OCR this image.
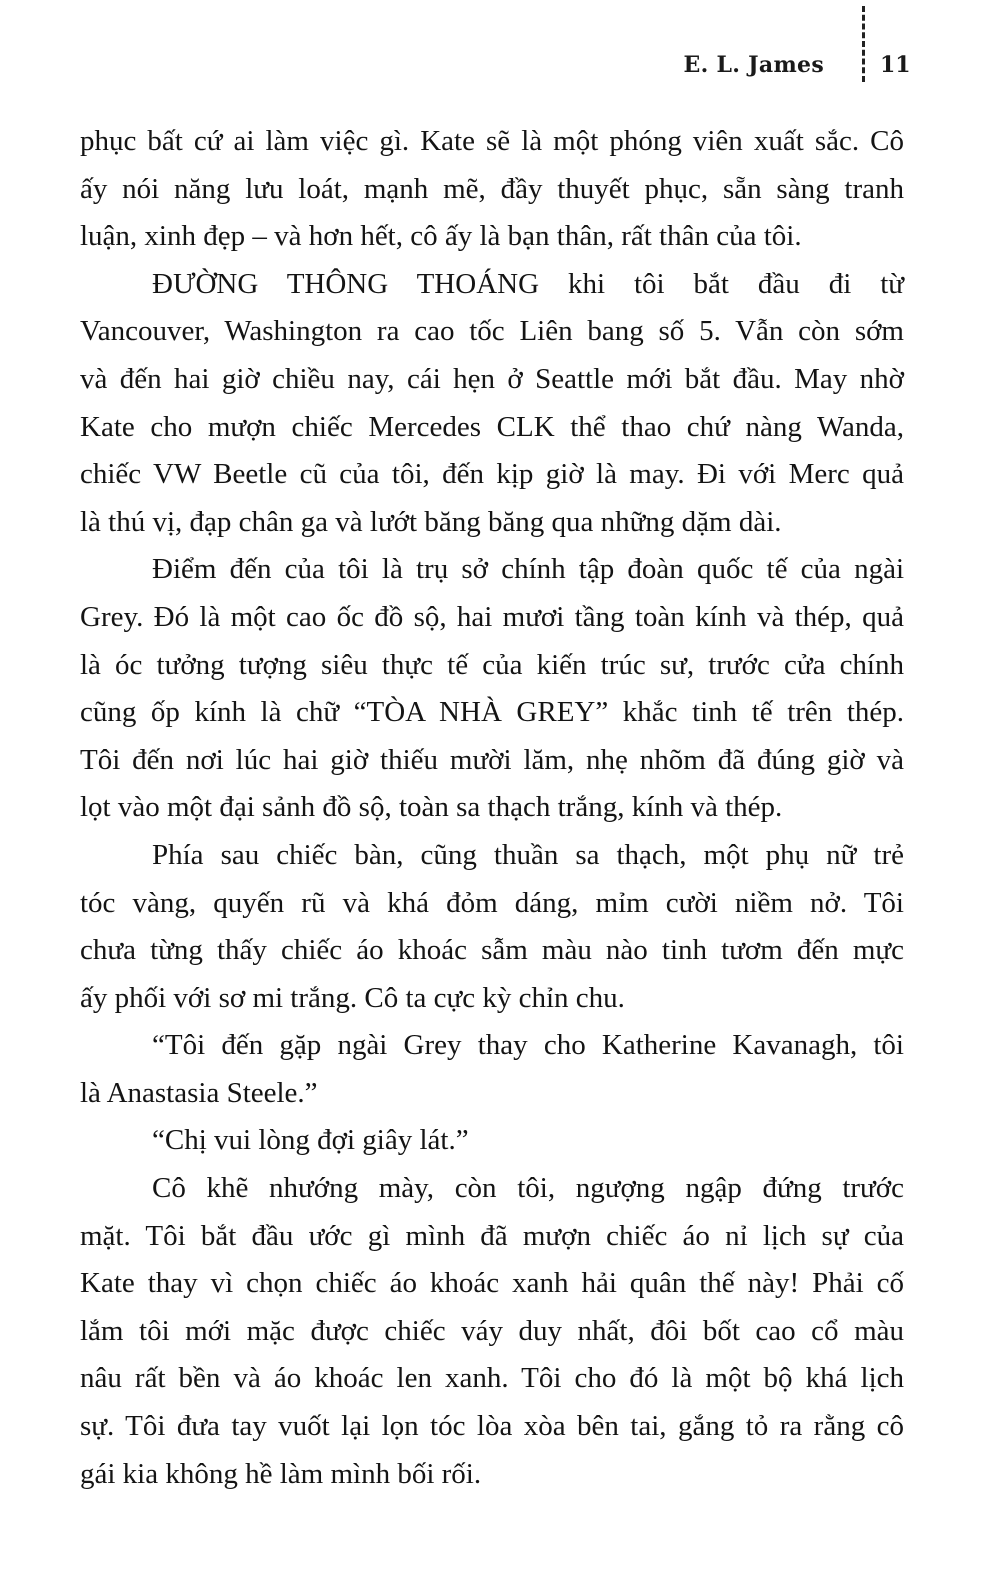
E. L. James	11
phục bất cứ ai làm việc gì. Kate sẽ là một phóng viên xuất sắc. Cô
ấy nói năng lưu loát, mạnh mẽ, đầy thuyết phục, sẵn sàng tranh
luận, xinh đẹp – và hơn hết, cô ấy là bạn thân, rất thân của tôi.
ĐƯỜNG THÔNG THOÁNG khi tôi bắt đầu đi từ
Vancouver, Washington ra cao tốc Liên bang số 5. Vẫn còn sớm
và đến hai giờ chiều nay, cái hẹn ở Seattle mới bắt đầu. May nhờ
Kate cho mượn chiếc Mercedes CLK thể thao chứ nàng Wanda,
chiếc VW Beetle cũ của tôi, đến kịp giờ là may. Đi với Merc quả
là thú vị, đạp chân ga và lướt băng băng qua những dặm dài.
Điểm đến của tôi là trụ sở chính tập đoàn quốc tế của ngài
Grey. Đó là một cao ốc đồ sộ, hai mươi tầng toàn kính và thép, quả
là óc tưởng tượng siêu thực tế của kiến trúc sư, trước cửa chính
cũng ốp kính là chữ “TÒA NHÀ GREY” khắc tinh tế trên thép.
Tôi đến nơi lúc hai giờ thiếu mười lăm, nhẹ nhõm đã đúng giờ và
lọt vào một đại sảnh đồ sộ, toàn sa thạch trắng, kính và thép.
Phía sau chiếc bàn, cũng thuần sa thạch, một phụ nữ trẻ
tóc vàng, quyến rũ và khá đỏm dáng, mỉm cười niềm nở. Tôi
chưa từng thấy chiếc áo khoác sẫm màu nào tinh tươm đến mực
ấy phối với sơ mi trắng. Cô ta cực kỳ chỉn chu.
“Tôi đến gặp ngài Grey thay cho Katherine Kavanagh, tôi
là Anastasia Steele.”
“Chị vui lòng đợi giây lát.”
Cô khẽ nhướng mày, còn tôi, ngượng ngập đứng trước
mặt. Tôi bắt đầu ước gì mình đã mượn chiếc áo nỉ lịch sự của
Kate thay vì chọn chiếc áo khoác xanh hải quân thế này! Phải cố
lắm tôi mới mặc được chiếc váy duy nhất, đôi bốt cao cổ màu
nâu rất bền và áo khoác len xanh. Tôi cho đó là một bộ khá lịch
sự. Tôi đưa tay vuốt lại lọn tóc lòa xòa bên tai, gắng tỏ ra rằng cô
gái kia không hề làm mình bối rối.
